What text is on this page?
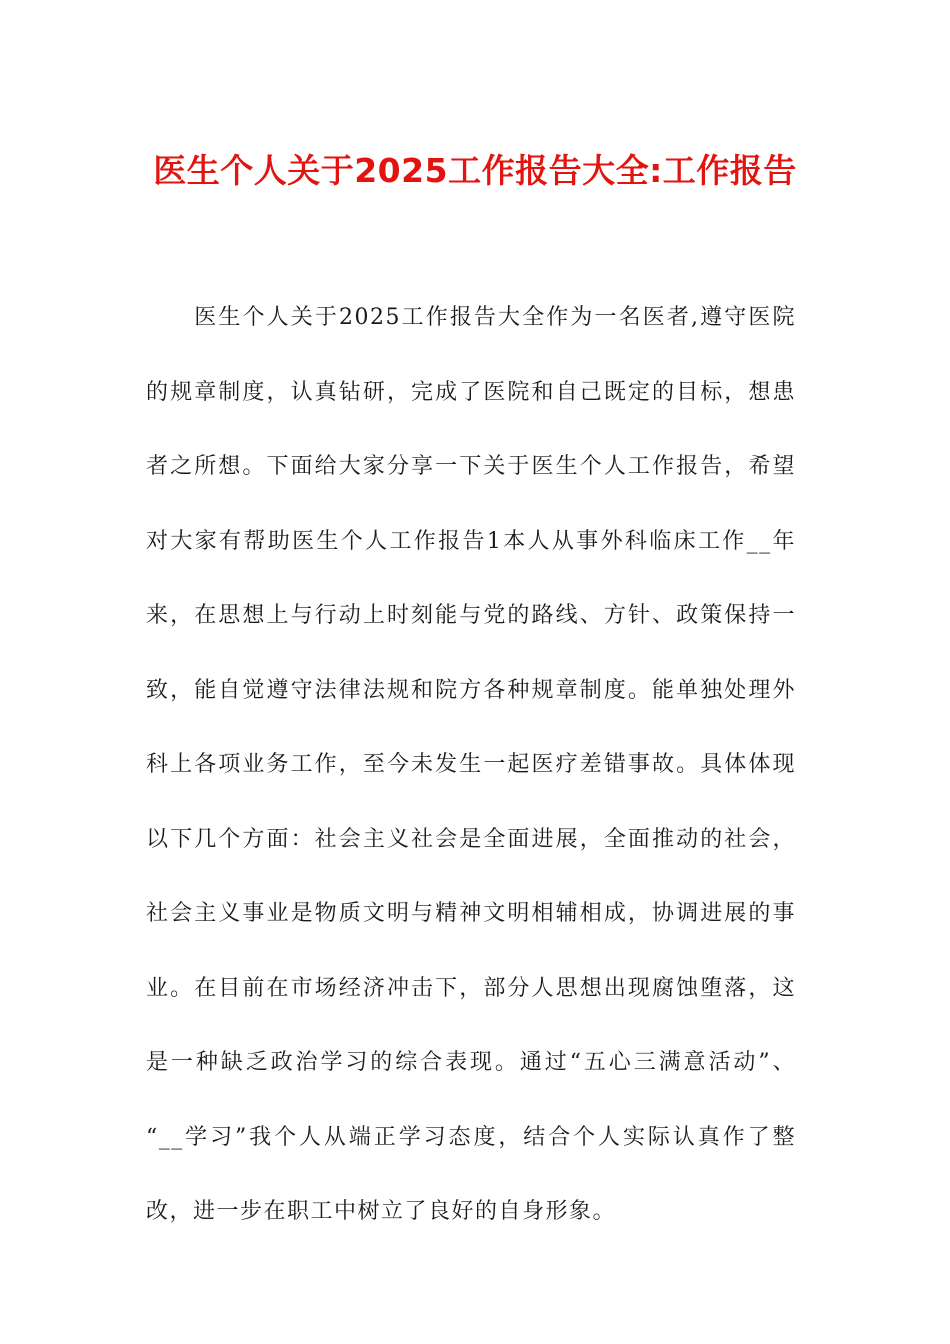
医生个人关于2025工作报告大全:工作报告
　　医生个人关于2025工作报告大全作为一名医者,遵守医院
的规章制度，认真钻研，完成了医院和自己既定的目标，想患
者之所想。下面给大家分享一下关于医生个人工作报告，希望
对大家有帮助医生个人工作报告1本人从事外科临床工作__年
来，在思想上与行动上时刻能与党的路线、方针、政策保持一
致，能自觉遵守法律法规和院方各种规章制度。能单独处理外
科上各项业务工作，至今未发生一起医疗差错事故。具体体现
以下几个方面：社会主义社会是全面进展，全面推动的社会，
社会主义事业是物质文明与精神文明相辅相成，协调进展的事
业。在目前在市场经济冲击下，部分人思想出现腐蚀堕落，这
是一种缺乏政治学习的综合表现。通过“五心三满意活动”、
“__学习”我个人从端正学习态度，结合个人实际认真作了整
改，进一步在职工中树立了良好的自身形象。
